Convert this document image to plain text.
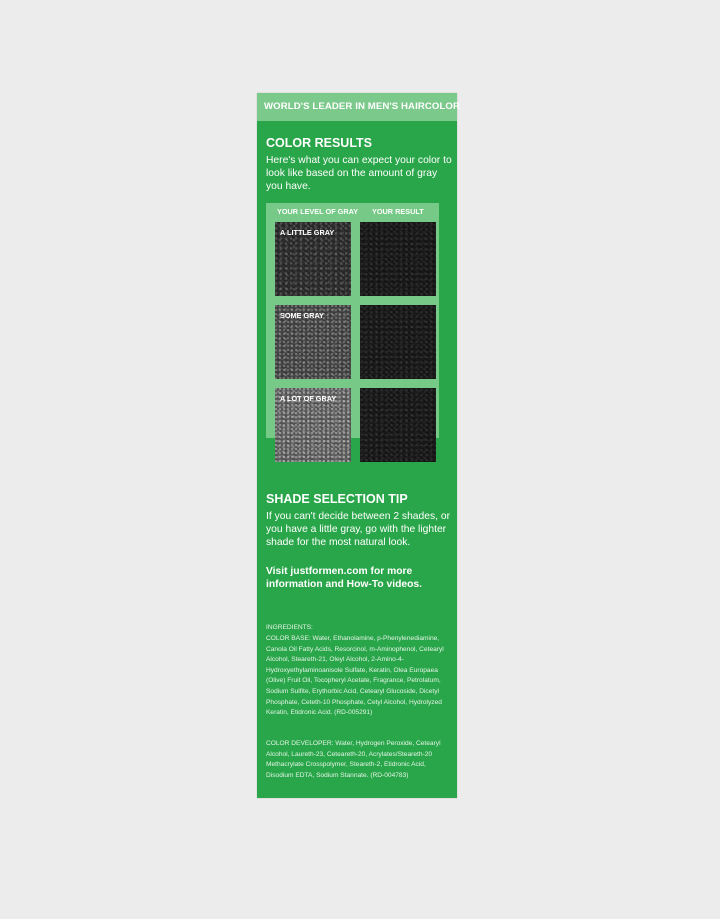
WORLD'S LEADER IN MEN'S HAIRCOLOR
COLOR RESULTS
Here's what you can expect your color to look like based on the amount of gray you have.
YOUR LEVEL OF GRAY YOUR RESULT
A LITTLE GRAY
SOME GRAY
A LOT OF GRAY
SHADE SELECTION TIP
If you can't decide between 2 shades, or you have a little gray, go with the lighter shade for the most natural look.
Visit justformen.com for more information and How-To videos.
INGREDIENTS:
COLOR BASE: Water, Ethanolamine, p-Phenylenediamine, Canola Oil Fatty Acids, Resorcinol, m-Aminophenol, Cetearyl Alcohol, Steareth-21, Oleyl Alcohol, 2-Amino-4-Hydroxyethylaminoanisole Sulfate, Keratin, Olea Europaea (Olive) Fruit Oil, Tocopheryl Acetate, Fragrance, Petrolatum, Sodium Sulfite, Erythorbic Acid, Cetearyl Glucoside, Dicetyl Phosphate, Ceteth-10 Phosphate, Cetyl Alcohol, Hydrolyzed Keratin, Etidronic Acid. (RD-005291)
COLOR DEVELOPER: Water, Hydrogen Peroxide, Cetearyl Alcohol, Laureth-23, Ceteareth-20, Acrylates/Steareth-20 Methacrylate Crosspolymer, Steareth-2, Etidronic Acid, Disodium EDTA, Sodium Stannate. (RD-004783)
